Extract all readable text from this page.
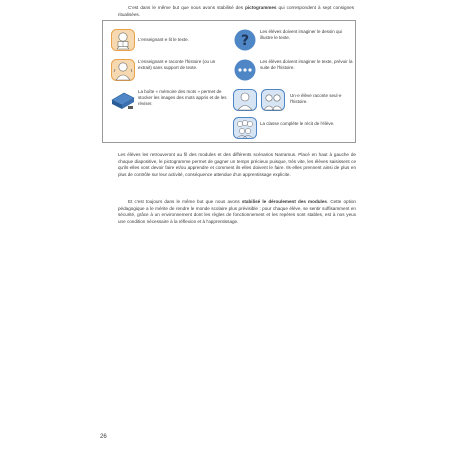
C'est dans le même but que nous avons stabilisé des pictogrammes qui correspondent à sept consignes ritualisées.

L'enseignant·e lit le texte.
L'enseignant·e raconte l'histoire (ou un extrait) sans support de texte.
La boîte « mémoire des mots » permet de stocker les images des mots appris et de les réviser.
?
Les élèves doivent imaginer le dessin qui illustre le texte.
Les élèves doivent imaginer le texte, prévoir la suite de l'histoire.
Un·e élève raconte seul·e l'histoire.
La classe complète le récit de l'élève.

Les élèves les retrouveront au fil des modules et des différents scénarios Narramus. Placé en haut à gauche de chaque diapositive, le pictogramme permet de gagner un temps précieux puisque, très vite, les élèves saisissent ce qu'ils·elles vont devoir faire et/ou apprendre et comment ils·elles doivent le faire. Ils·elles prennent ainsi de plus en plus de contrôle sur leur activité, conséquence attendue d'un apprentissage explicite.

Et c'est toujours dans le même but que nous avons stabilisé le déroulement des modules. Cette option pédagogique a le mérite de rendre le monde scolaire plus prévisible : pour chaque élève, se sentir suffisamment en sécurité, grâce à un environnement dont les règles de fonctionnement et les repères sont stables, est à nos yeux une condition nécessaire à la réflexion et à l'apprentissage.

26
